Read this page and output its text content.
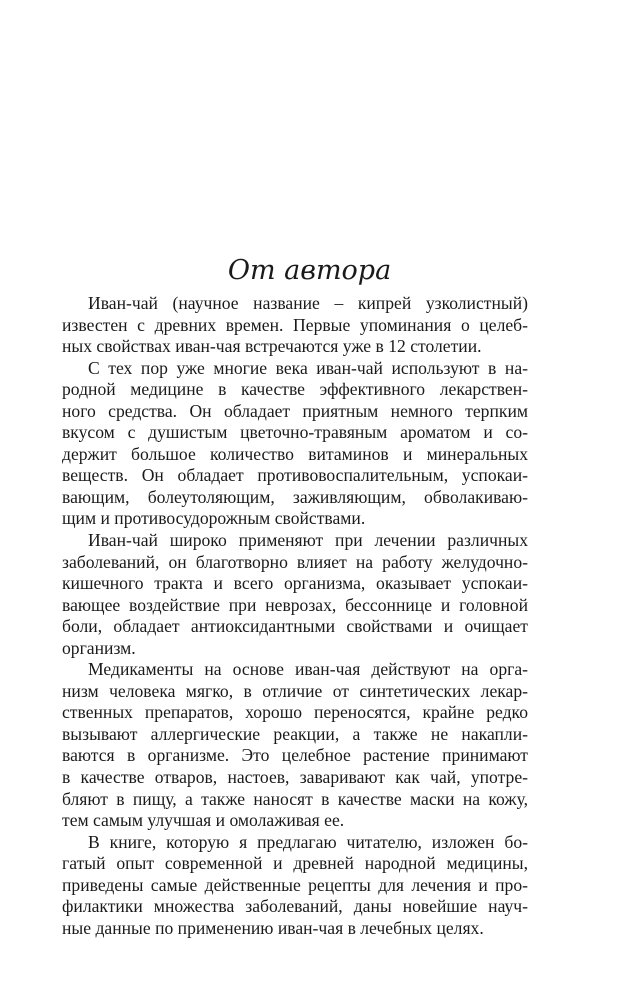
От автора

Иван-чай (научное название – кипрей узколистный)
известен с древних времен. Первые упоминания о целеб-
ных свойствах иван-чая встречаются уже в 12 столетии.

С тех пор уже многие века иван-чай используют в на-
родной медицине в качестве эффективного лекарствен-
ного средства. Он обладает приятным немного терпким
вкусом с душистым цветочно-травяным ароматом и со-
держит большое количество витаминов и минеральных
веществ. Он обладает противовоспалительным, успокаи-
вающим, болеутоляющим, заживляющим, обволакиваю-
щим и противосудорожным свойствами.

Иван-чай широко применяют при лечении различных
заболеваний, он благотворно влияет на работу желудочно-
кишечного тракта и всего организма, оказывает успокаи-
вающее воздействие при неврозах, бессоннице и головной
боли, обладает антиоксидантными свойствами и очищает
организм.

Медикаменты на основе иван-чая действуют на орга-
низм человека мягко, в отличие от синтетических лекар-
ственных препаратов, хорошо переносятся, крайне редко
вызывают аллергические реакции, а также не накапли-
ваются в организме. Это целебное растение принимают
в качестве отваров, настоев, заваривают как чай, употре-
бляют в пищу, а также наносят в качестве маски на кожу,
тем самым улучшая и омолаживая ее.

В книге, которую я предлагаю читателю, изложен бо-
гатый опыт современной и древней народной медицины,
приведены самые действенные рецепты для лечения и про-
филактики множества заболеваний, даны новейшие науч-
ные данные по применению иван-чая в лечебных целях.
